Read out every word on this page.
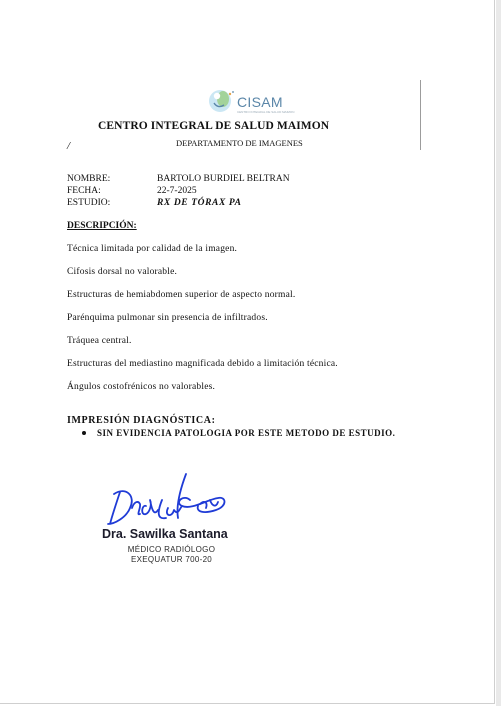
CISAM
CENTRO INTEGRAL DE SALUD MAIMON
CENTRO INTEGRAL DE SALUD MAIMON
/	DEPARTAMENTO DE IMAGENES
NOMBRE:	BARTOLO BURDIEL BELTRAN
FECHA:	22-7-2025
ESTUDIO:	RX DE TÓRAX PA
DESCRIPCIÓN:
Técnica limitada por calidad de la imagen.
Cifosis dorsal no valorable.
Estructuras de hemiabdomen superior de aspecto normal.
Parénquima pulmonar sin presencia de infiltrados.
Tráquea central.
Estructuras del mediastino magnificada debido a limitación técnica.
Ángulos costofrénicos no valorables.
IMPRESIÓN DIAGNÓSTICA:
SIN EVIDENCIA PATOLOGIA POR ESTE METODO DE ESTUDIO.
Dra. Sawilka Santana
MÉDICO RADIÓLOGO
EXEQUATUR 700-20
